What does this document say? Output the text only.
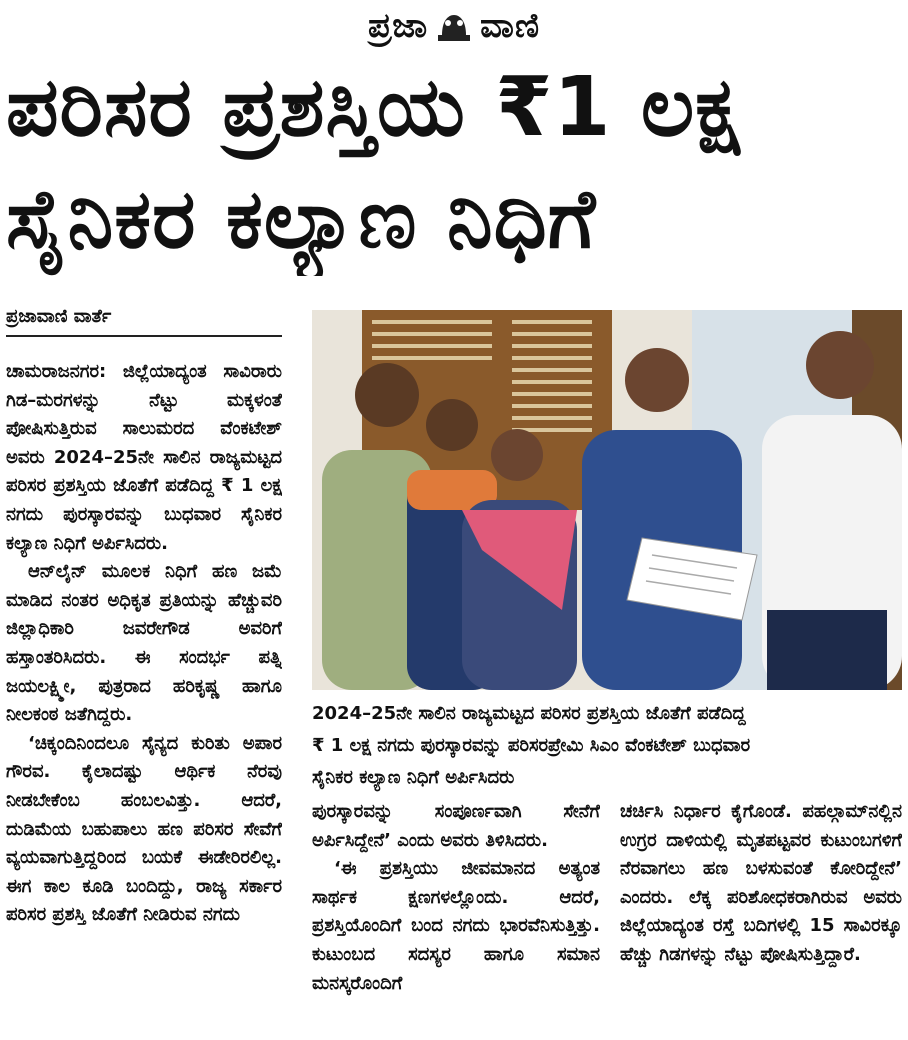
ಪ್ರಜಾ ವಾಣಿ
ಪರಿಸರ ಪ್ರಶಸ್ತಿಯ ₹1 ಲಕ್ಷ
ಸೈನಿಕರ ಕಲ್ಯಾಣ ನಿಧಿಗೆ
ಪ್ರಜಾವಾಣಿ ವಾರ್ತೆ

ಚಾಮರಾಜನಗರ: ಜಿಲ್ಲೆಯಾದ್ಯಂತ ಸಾವಿರಾರು ಗಿಡ–ಮರಗಳನ್ನು ನೆಟ್ಟು ಮಕ್ಕಳಂತೆ ಪೋಷಿಸುತ್ತಿರುವ ಸಾಲುಮರದ ವೆಂಕಟೇಶ್ ಅವರು 2024–25ನೇ ಸಾಲಿನ ರಾಜ್ಯಮಟ್ಟದ ಪರಿಸರ ಪ್ರಶಸ್ತಿಯ ಜೊತೆಗೆ ಪಡೆದಿದ್ದ ₹ 1 ಲಕ್ಷ ನಗದು ಪುರಸ್ಕಾರವನ್ನು ಬುಧವಾರ ಸೈನಿಕರ ಕಲ್ಯಾಣ ನಿಧಿಗೆ ಅರ್ಪಿಸಿದರು.

ಆನ್‌ಲೈನ್ ಮೂಲಕ ನಿಧಿಗೆ ಹಣ ಜಮೆ ಮಾಡಿದ ನಂತರ ಅಧಿಕೃತ ಪ್ರತಿಯನ್ನು ಹೆಚ್ಚುವರಿ ಜಿಲ್ಲಾಧಿಕಾರಿ ಜವರೇಗೌಡ ಅವರಿಗೆ ಹಸ್ತಾಂತರಿಸಿದರು. ಈ ಸಂದರ್ಭ ಪತ್ನಿ ಜಯಲಕ್ಷ್ಮೀ, ಪುತ್ರರಾದ ಹರಿಕೃಷ್ಣ ಹಾಗೂ ನೀಲಕಂಠ ಜತೆಗಿದ್ದರು.

‘ಚಿಕ್ಕಂದಿನಿಂದಲೂ ಸೈನ್ಯದ ಕುರಿತು ಅಪಾರ ಗೌರವ. ಕೈಲಾದಷ್ಟು ಆರ್ಥಿಕ ನೆರವು ನೀಡಬೇಕೆಂಬ ಹಂಬಲವಿತ್ತು. ಆದರೆ, ದುಡಿಮೆಯ ಬಹುಪಾಲು ಹಣ ಪರಿಸರ ಸೇವೆಗೆ ವ್ಯಯವಾಗುತ್ತಿದ್ದರಿಂದ ಬಯಕೆ ಈಡೇರಿರಲಿಲ್ಲ. ಈಗ ಕಾಲ ಕೂಡಿ ಬಂದಿದ್ದು, ರಾಜ್ಯ ಸರ್ಕಾರ ಪರಿಸರ ಪ್ರಶಸ್ತಿ ಜೊತೆಗೆ ನೀಡಿರುವ ನಗದು

2024–25ನೇ ಸಾಲಿನ ರಾಜ್ಯಮಟ್ಟದ ಪರಿಸರ ಪ್ರಶಸ್ತಿಯ ಜೊತೆಗೆ ಪಡೆದಿದ್ದ

₹ 1 ಲಕ್ಷ ನಗದು ಪುರಸ್ಕಾರವನ್ನು ಪರಿಸರಪ್ರೇಮಿ ಸಿಎಂ ವೆಂಕಟೇಶ್ ಬುಧವಾರ

ಸೈನಿಕರ ಕಲ್ಯಾಣ ನಿಧಿಗೆ ಅರ್ಪಿಸಿದರು

ಪುರಸ್ಕಾರವನ್ನು ಸಂಪೂರ್ಣವಾಗಿ ಸೇನೆಗೆ ಅರ್ಪಿಸಿದ್ದೇನೆ’ ಎಂದು ಅವರು ತಿಳಿಸಿದರು.

‘ಈ ಪ್ರಶಸ್ತಿಯು ಜೀವಮಾನದ ಅತ್ಯಂತ ಸಾರ್ಥಕ ಕ್ಷಣಗಳಲ್ಲೊಂದು. ಆದರೆ, ಪ್ರಶಸ್ತಿಯೊಂದಿಗೆ ಬಂದ ನಗದು ಭಾರವೆನಿಸುತ್ತಿತ್ತು. ಕುಟುಂಬದ ಸದಸ್ಯರ ಹಾಗೂ ಸಮಾನ ಮನಸ್ಕರೊಂದಿಗೆ

ಚರ್ಚಿಸಿ ನಿರ್ಧಾರ ಕೈಗೊಂಡೆ. ಪಹಲ್ಗಾಮ್‌ನಲ್ಲಿನ ಉಗ್ರರ ದಾಳಿಯಲ್ಲಿ ಮೃತಪಟ್ಟವರ ಕುಟುಂಬಗಳಿಗೆ ನೆರವಾಗಲು ಹಣ ಬಳಸುವಂತೆ ಕೋರಿದ್ದೇನೆ’ ಎಂದರು. ಲೆಕ್ಕ ಪರಿಶೋಧಕರಾಗಿರುವ ಅವರು ಜಿಲ್ಲೆಯಾದ್ಯಂತ ರಸ್ತೆ ಬದಿಗಳಲ್ಲಿ 15 ಸಾವಿರಕ್ಕೂ ಹೆಚ್ಚು ಗಿಡಗಳನ್ನು ನೆಟ್ಟು ಪೋಷಿಸುತ್ತಿದ್ದಾರೆ.
